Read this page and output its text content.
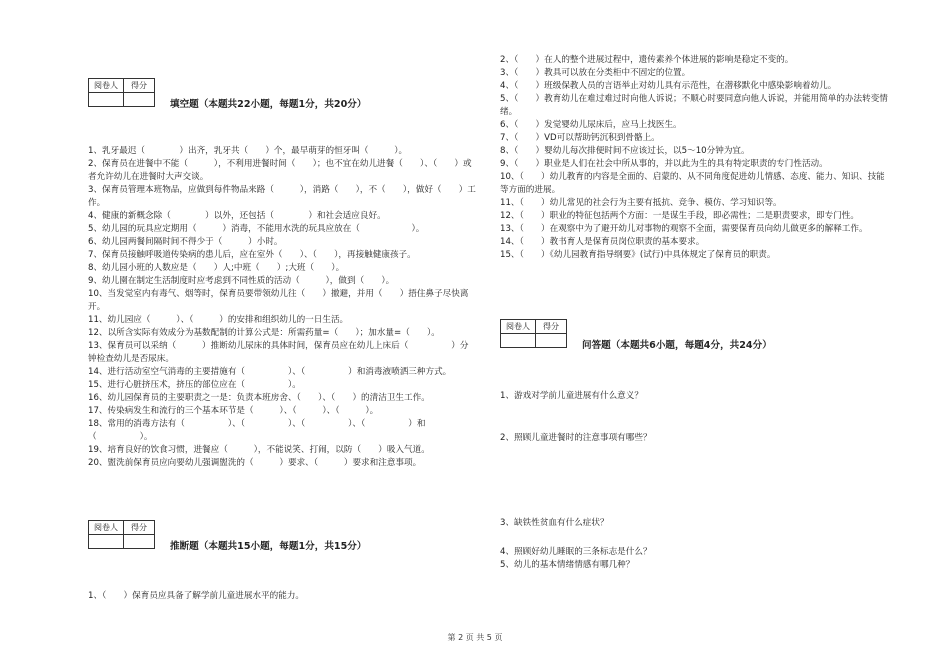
阅卷人	得分

填空题（本题共22小题，每题1分，共20分）

1、乳牙最迟（　　　　）出齐，乳牙共（　　）个，最早萌芽的恒牙叫（　　　）。

2、保育员在进餐中不能（　　　），不利用进餐时间（　　）；也不宜在幼儿进餐（　　）、（　　）或者允许幼儿在进餐时大声交谈。

3、保育员管理本班物品，应做到每件物品来路（　　　），消路（　　），不（　　），做好（　　）工作。

4、健康的新概念除（　　　　）以外，还包括（　　　　）和社会适应良好。

5、幼儿园的玩具应定期用（　　　）消毒，不能用水洗的玩具应放在（　　　　　　）。

6、幼儿园两餐间隔时间不得少于（　　　）小时。

7、保育员接触呼吸道传染病的患儿后，应在室外（　　）、（　　），再接触健康孩子。

8、幼儿园小班的人数应是（　　）人;中班（　　）;大班（　　）。

9、幼儿園在制定生活制度时应考虑到不同性质的活动（　　　），做到（　　）。

10、当发觉室内有毒气、烟等时，保育员要带领幼儿往（　　）撤避，并用（　　）捂住鼻子尽快离开。

11、幼儿园应（　　　）、（　　　）的安排和组织幼儿的一日生活。

12、以所含实际有效成分为基数配制的计算公式是：所需药量=（　　）；加水量=（　　）。

13、保育员可以采纳（　　　）推断幼儿尿床的具体时间，保育员应在幼儿上床后（　　　　　）分钟检查幼儿是否尿床。

14、进行活动室空气消毒的主要措施有（　　　　　）、（　　　　　）和消毒液喷洒三种方式。

15、进行心脏挤压术，挤压的部位应在（　　　　　）。

16、幼儿园保育员的主要职责之一是：负责本班房舍、（　　）、（　　）的清洁卫生工作。

17、传染病发生和流行的三个基本环节是（　　　）、（　　　）、（　　　）。

18、常用的消毒方法有（　　　　　）、（　　　　　）、（　　　　　）、（　　　　　）和（　　　　　）。

19、培育良好的饮食习惯，进餐应（　　　），不能说笑、打闹，以防（　　）吸入气道。

20、盥洗前保育员应向要幼儿强调盥洗的（　　　）要求、（　　　）要求和注意事项。

阅卷人	得分

推断题（本题共15小题，每题1分，共15分）

1、（　　）保育员应具备了解学前儿童进展水平的能力。

2、（　　）在人的整个进展过程中，遗传素养个体进展的影响是稳定不变的。

3、（　　）教具可以放在分类柜中不固定的位置。

4、（　　）班级保教人员的言语举止对幼儿具有示范性，在潜移默化中感染影响着幼儿。

5、（　　）教育幼儿在难过难过时向他人诉说；不顺心时要同意向他人诉说，并能用简单的办法转变情绪。

6、（　　）发觉婴幼儿尿床后，应马上找医生。

7、（　　）VD可以帮助钙沉积到骨骼上。

8、（　　）婴幼儿每次排便时间不应该过长，以5～10分钟为宜。

9、（　　）职业是人们在社会中所从事的，并以此为生的具有特定职责的专门性活动。

10、（　　）幼儿教育的内容是全面的、启蒙的、从不同角度促进幼儿情感、态度、能力、知识、技能等方面的进展。

11、（　　）幼儿常见的社会行为主要有抵抗、竞争、模仿、学习知识等。

12、（　　）职业的特征包括两个方面：一是谋生手段，即必需性；二是职责要求，即专门性。

13、（　　）在观察中为了避开幼儿对事物的观察不全面，需要保育员向幼儿做更多的解释工作。

14、（　　）教书育人是保育员岗位职责的基本要求。

15、（　　）《幼儿园教育指导纲要》(试行)中具体规定了保育员的职责。

阅卷人	得分

问答题（本题共6小题，每题4分，共24分）

1、游戏对学前儿童进展有什么意义？

2、照顾儿童进餐时的注意事项有哪些？

3、缺铁性贫血有什么症状？

4、照顾好幼儿睡眠的三条标志是什么？

5、幼儿的基本情绪情感有哪几种？

第 2 页 共 5 页
